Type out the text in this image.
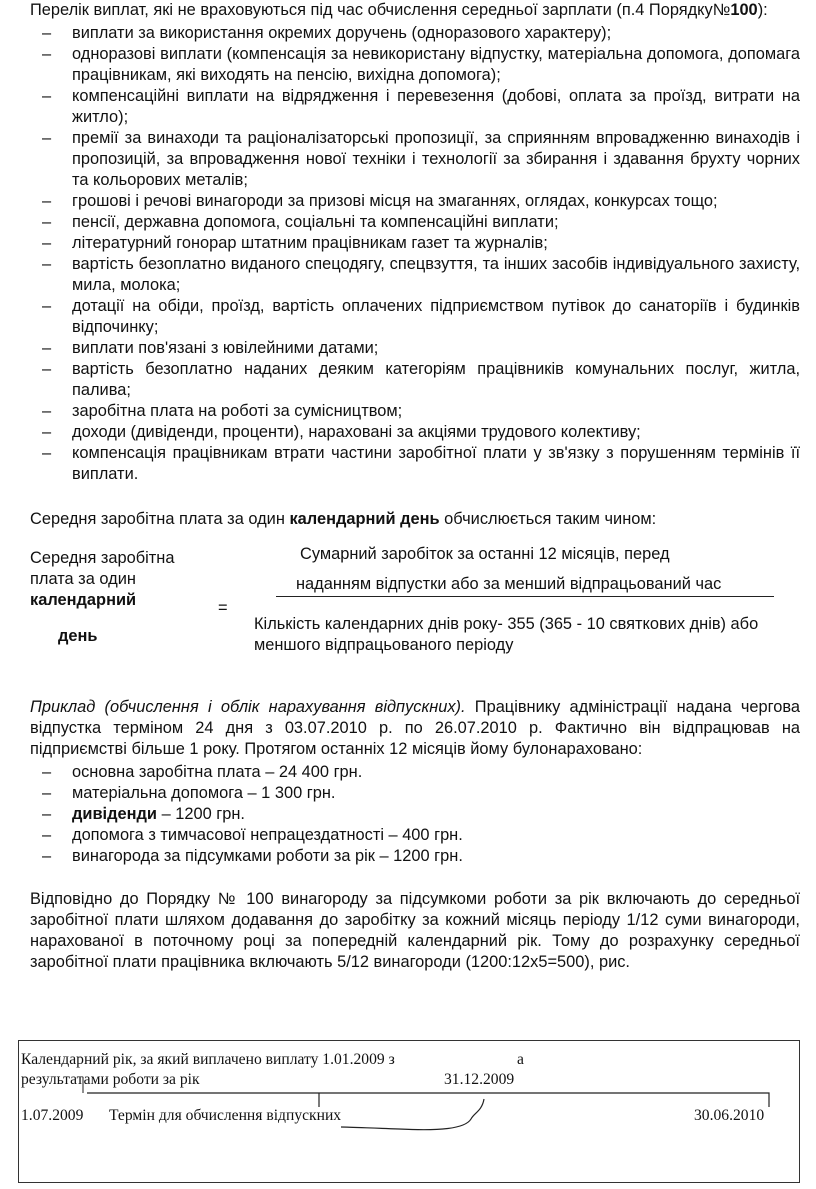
Перелік виплат, які не враховуються під час обчислення середньої зарплати (п.4 Порядку№100):

– виплати за використання окремих доручень (одноразового характеру);
– одноразові виплати (компенсація за невикористану відпустку, матеріальна допомога, допомага працівникам, які виходять на пенсію, вихідна допомога);
– компенсаційні виплати на відрядження і перевезення (добові, оплата за проїзд, витрати на житло);
– премії за винаходи та раціоналізаторські пропозиції, за сприянням впровадженню винаходів і пропозицій, за впровадження нової техніки і технології за збирання і здавання брухту чорних та кольорових металів;
– грошові і речові винагороди за призові місця на змаганнях, оглядах, конкурсах тощо;
– пенсії, державна допомога, соціальні та компенсаційні виплати;
– літературний гонорар штатним працівникам газет та журналів;
– вартість безоплатно виданого спецодягу, спецвзуття, та інших засобів індивідуального захисту, мила, молока;
– дотації на обіди, проїзд, вартість оплачених підприємством путівок до санаторіїв і будинків відпочинку;
– виплати пов'язані з ювілейними датами;
– вартість безоплатно наданих деяким категоріям працівників комунальних послуг, житла, палива;
– заробітна плата на роботі за сумісництвом;
– доходи (дивіденди, проценти), нараховані за акціями трудового колективу;
– компенсація працівникам втрати частини заробітної плати у зв'язку з порушенням термінів її виплати.

Середня заробітна плата за один календарний день обчислюється таким чином:

Середня заробітна
плата за один
календарний
день
=
Сумарний заробіток за останні 12 місяців, перед
наданням відпустки або за менший відпрацьований час
Кількість календарних днів року- 355 (365 - 10 святкових днів) або меншого відпрацьованого періоду

Приклад (обчислення і облік нарахування відпускних). Працівнику адміністрації надана чергова відпустка терміном 24 дня з 03.07.2010 р. по 26.07.2010 р. Фактично він відпрацював на підприємстві більше 1 року. Протягом останніх 12 місяців йому булонараховано:

– основна заробітна плата – 24 400 грн.
– матеріальна допомога – 1 300 грн.
– дивіденди – 1200 грн.
– допомога з тимчасової непрацездатності – 400 грн.
– винагорода за підсумками роботи за рік – 1200 грн.

Відповідно до Порядку № 100 винагороду за підсумкоми роботи за рік включають до середньої заробітної плати шляхом додавання до заробітку за кожний місяць періоду 1/12 суми винагороди, нарахованої в поточному році за попередній календарний рік. Тому до розрахунку середньої заробітної плати працівника включають 5/12 винагороди (1200:12х5=500), рис.

Календарний рік, за який виплачено виплату 1.01.2009 з	а
результатами роботи за рік	31.12.2009
1.07.2009 Термін для обчислення відпускних	30.06.2010
